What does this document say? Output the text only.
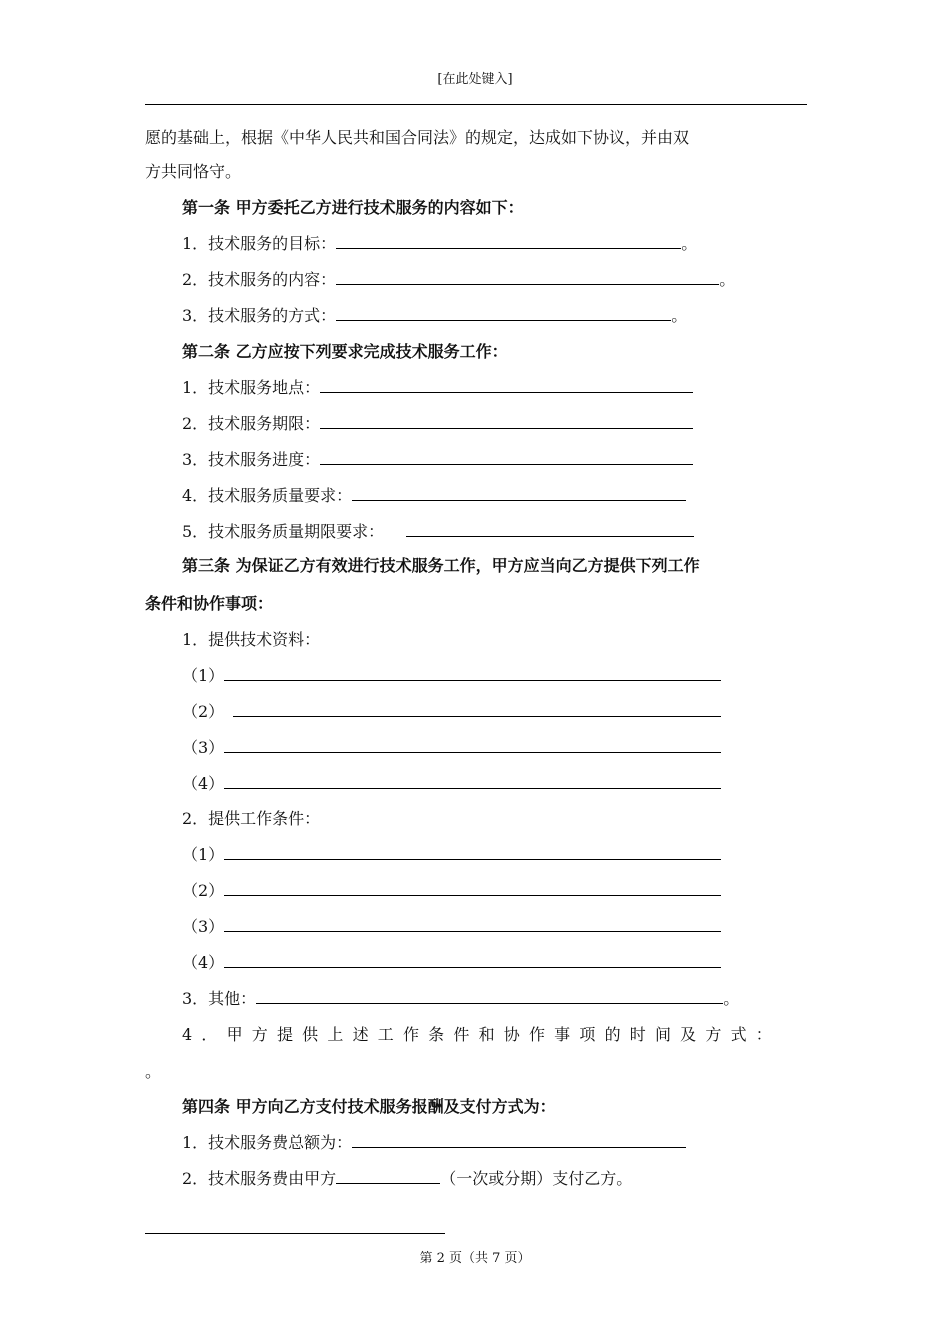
[在此处键入]
愿的基础上，根据《中华人民共和国合同法》的规定，达成如下协议，并由双
方共同恪守。
第一条 甲方委托乙方进行技术服务的内容如下：
1．技术服务的目标：	。
2．技术服务的内容：	。
3．技术服务的方式：	。
第二条 乙方应按下列要求完成技术服务工作：
1．技术服务地点：
2．技术服务期限：
3．技术服务进度：
4．技术服务质量要求：
5．技术服务质量期限要求：
第三条 为保证乙方有效进行技术服务工作，甲方应当向乙方提供下列工作
条件和协作事项：
1．提供技术资料：
（1）
（2）
（3）
（4）
2．提供工作条件：
（1）
（2）
（3）
（4）
3．其他：	。
4．甲方提供上述工作条件和协作事项的时间及方式：
。
第四条 甲方向乙方支付技术服务报酬及支付方式为：
1．技术服务费总额为：
2．技术服务费由甲方	（一次或分期）支付乙方。
第 2 页（共 7 页）
